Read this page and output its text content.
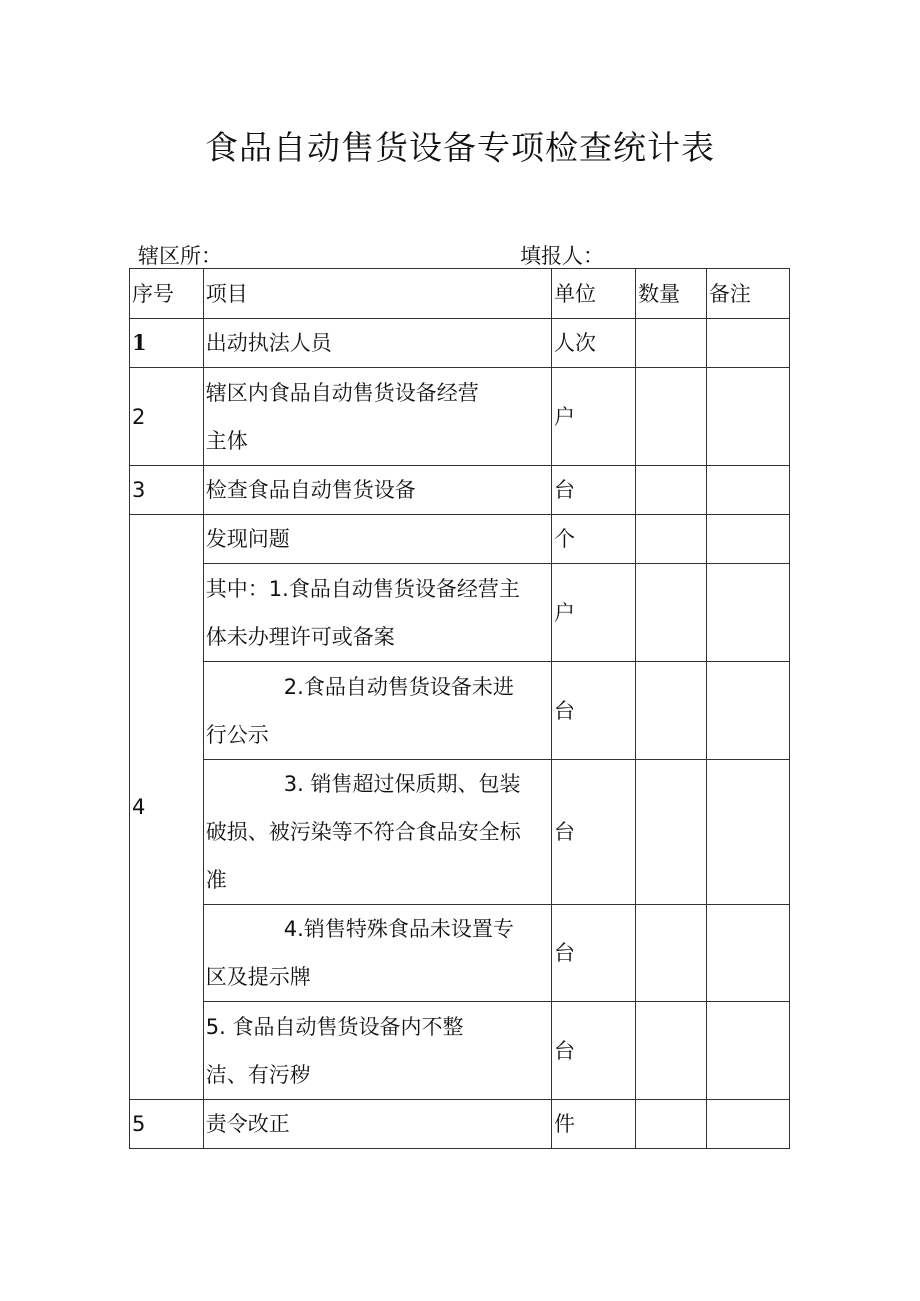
食品自动售货设备专项检查统计表
辖区所：	填报人：
序号	项目	单位	数量	备注
1	出动执法人员	人次		
2	辖区内食品自动售货设备经营
主体	户		
3	检查食品自动售货设备	台		
4	发现问题	个		

	其中：1.食品自动售货设备经营主
体未办理许可或备案	户		

	2.食品自动售货设备未进
行公示	台		

	3. 销售超过保质期、包装
破损、被污染等不符合食品安全标
准	台		

	4.销售特殊食品未设置专
区及提示牌	台		

	5. 食品自动售货设备内不整
洁、有污秽	台		
5	责令改正	件		
